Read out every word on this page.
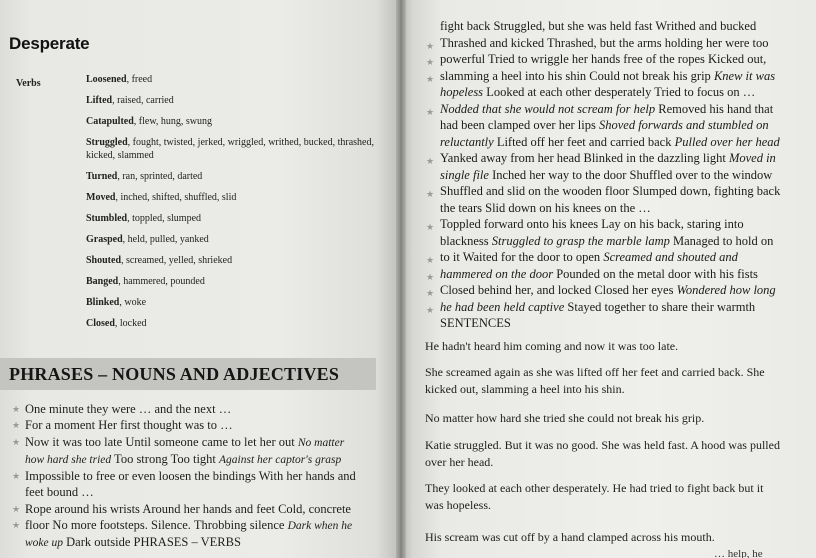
Desperate
Verbs	Loosened, freed
Lifted, raised, carried
Catapulted, flew, hung, swung
Struggled, fought, twisted, jerked, wriggled, writhed, bucked, thrashed, kicked, slammed
Turned, ran, sprinted, darted
Moved, inched, shifted, shuffled, slid
Stumbled, toppled, slumped
Grasped, held, pulled, yanked
Shouted, screamed, yelled, shrieked
Banged, hammered, pounded
Blinked, woke
Closed, locked
PHRASES – NOUNS AND ADJECTIVES
★ One minute they were … and the next …
★ For a moment Her first thought was to …
★ Now it was too late Until someone came to let her out No matter
how hard she tried Too strong Too tight Against her captor's grasp
★ Impossible to free or even loosen the bindings With her hands and
feet bound …
★ Rope around his wrists Around her hands and feet Cold, concrete
★ floor No more footsteps. Silence. Throbbing silence Dark when he
woke up Dark outside PHRASES – VERBS
fight back Struggled, but she was held fast Writhed and bucked
★ Thrashed and kicked Thrashed, but the arms holding her were too
★ powerful Tried to wriggle her hands free of the ropes Kicked out,
★ slamming a heel into his shin Could not break his grip Knew it was
hopeless Looked at each other desperately Tried to focus on …
★ Nodded that she would not scream for help Removed his hand that
had been clamped over her lips Shoved forwards and stumbled on
reluctantly Lifted off her feet and carried back Pulled over her head
★ Yanked away from her head Blinked in the dazzling light Moved in
single file Inched her way to the door Shuffled over to the window
★ Shuffled and slid on the wooden floor Slumped down, fighting back
the tears Slid down on his knees on the …
★ Toppled forward onto his knees Lay on his back, staring into
blackness Struggled to grasp the marble lamp Managed to hold on
★ to it Waited for the door to open Screamed and shouted and
★ hammered on the door Pounded on the metal door with his fists
★ Closed behind her, and locked Closed her eyes Wondered how long
★ he had been held captive Stayed together to share their warmth
SENTENCES
He hadn't heard him coming and now it was too late.
She screamed again as she was lifted off her feet and carried back. She kicked out, slamming a heel into his shin.
No matter how hard she tried she could not break his grip.
Katie struggled. But it was no good. She was held fast. A hood was pulled over her head.
They looked at each other desperately. He had tried to fight back but it was hopeless.
His scream was cut off by a hand clamped across his mouth.
… help, he
